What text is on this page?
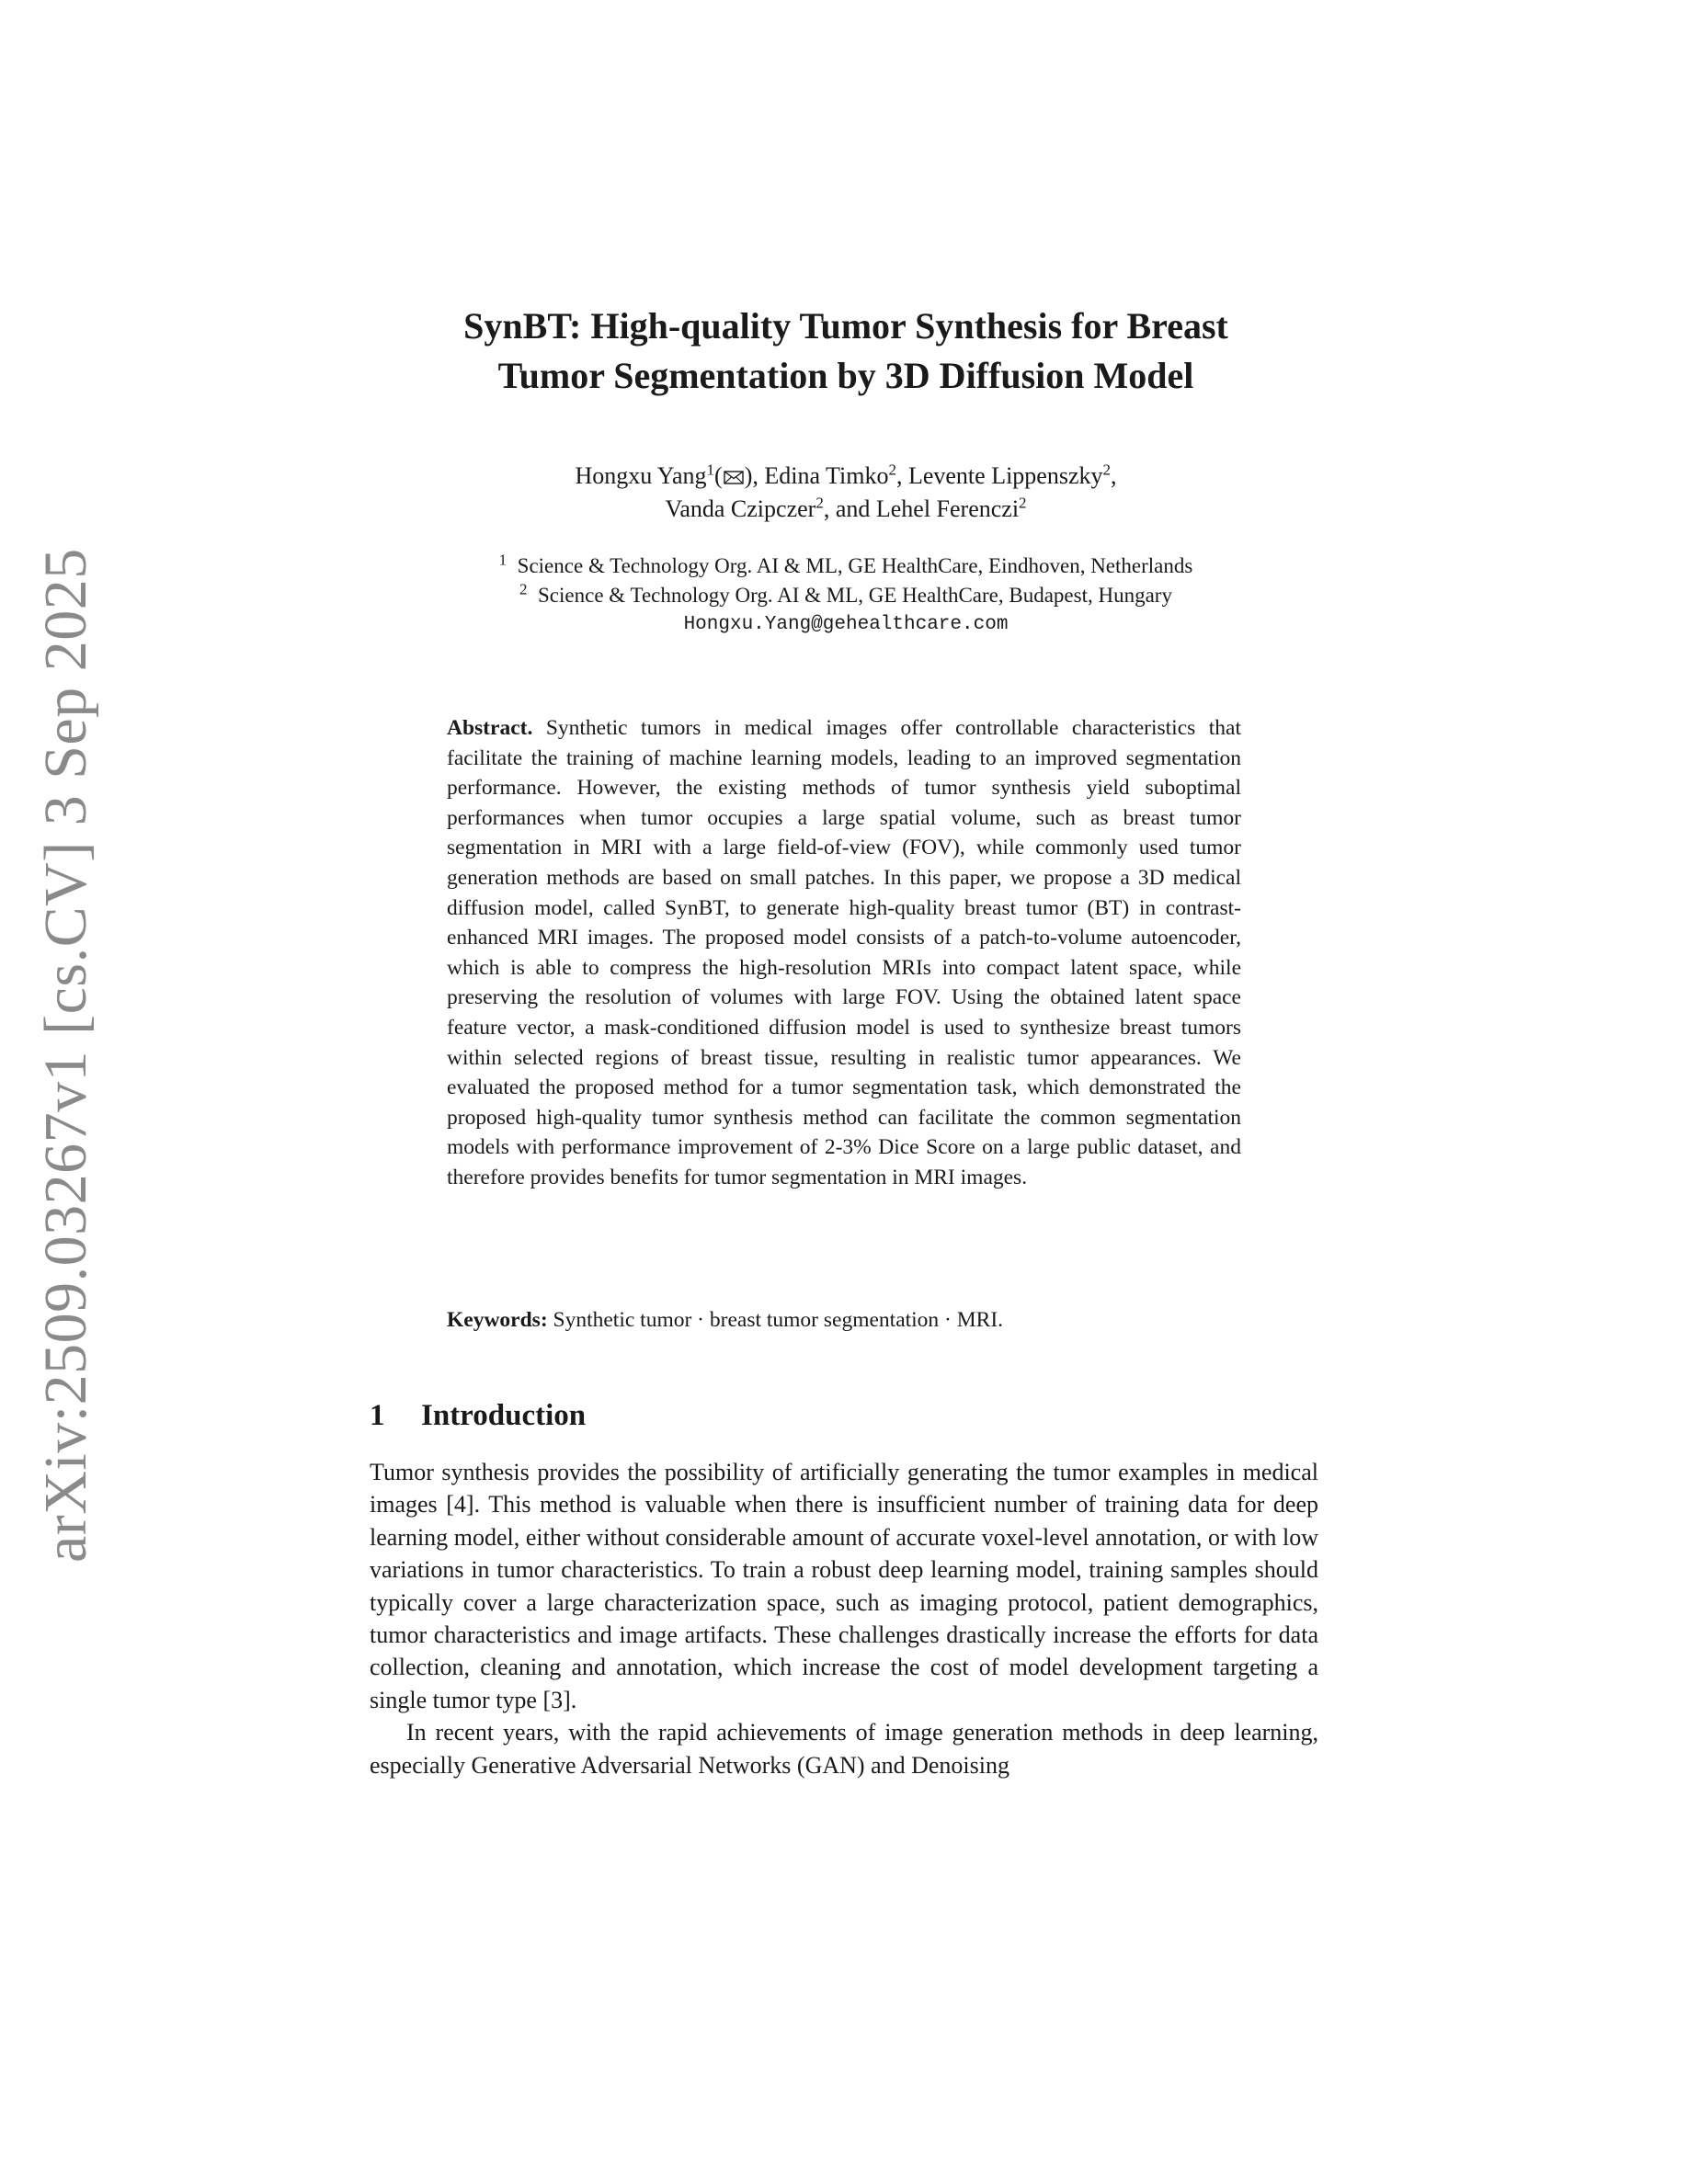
arXiv:2509.03267v1 [cs.CV] 3 Sep 2025
SynBT: High-quality Tumor Synthesis for Breast
Tumor Segmentation by 3D Diffusion Model
Hongxu Yang$^1$( ), Edina Timko$^2$, Levente Lippenszky$^2$,
Vanda Czipczer$^2$, and Lehel Ferenczi$^2$
$^1$ Science & Technology Org. AI & ML, GE HealthCare, Eindhoven, Netherlands
$^2$ Science & Technology Org. AI & ML, GE HealthCare, Budapest, Hungary
Hongxu.Yang@gehealthcare.com
Abstract. Synthetic tumors in medical images offer controllable characteristics that facilitate the training of machine learning models, leading to an improved segmentation performance. However, the existing methods of tumor synthesis yield suboptimal performances when tumor occupies a large spatial volume, such as breast tumor segmentation in MRI with a large field-of-view (FOV), while commonly used tumor generation methods are based on small patches. In this paper, we propose a 3D medical diffusion model, called SynBT, to generate high-quality breast tumor (BT) in contrast-enhanced MRI images. The proposed model consists of a patch-to-volume autoencoder, which is able to compress the high-resolution MRIs into compact latent space, while preserving the resolution of volumes with large FOV. Using the obtained latent space feature vector, a mask-conditioned diffusion model is used to synthesize breast tumors within selected regions of breast tissue, resulting in realistic tumor appearances. We evaluated the proposed method for a tumor segmentation task, which demonstrated the proposed high-quality tumor synthesis method can facilitate the common segmentation models with performance improvement of 2-3% Dice Score on a large public dataset, and therefore provides benefits for tumor segmentation in MRI images.
Keywords: Synthetic tumor · breast tumor segmentation · MRI.
1 Introduction

Tumor synthesis provides the possibility of artificially generating the tumor examples in medical images [4]. This method is valuable when there is insufficient number of training data for deep learning model, either without considerable amount of accurate voxel-level annotation, or with low variations in tumor characteristics. To train a robust deep learning model, training samples should typically cover a large characterization space, such as imaging protocol, patient demographics, tumor characteristics and image artifacts. These challenges drastically increase the efforts for data collection, cleaning and annotation, which increase the cost of model development targeting a single tumor type [3].

In recent years, with the rapid achievements of image generation methods in deep learning, especially Generative Adversarial Networks (GAN) and Denoising
